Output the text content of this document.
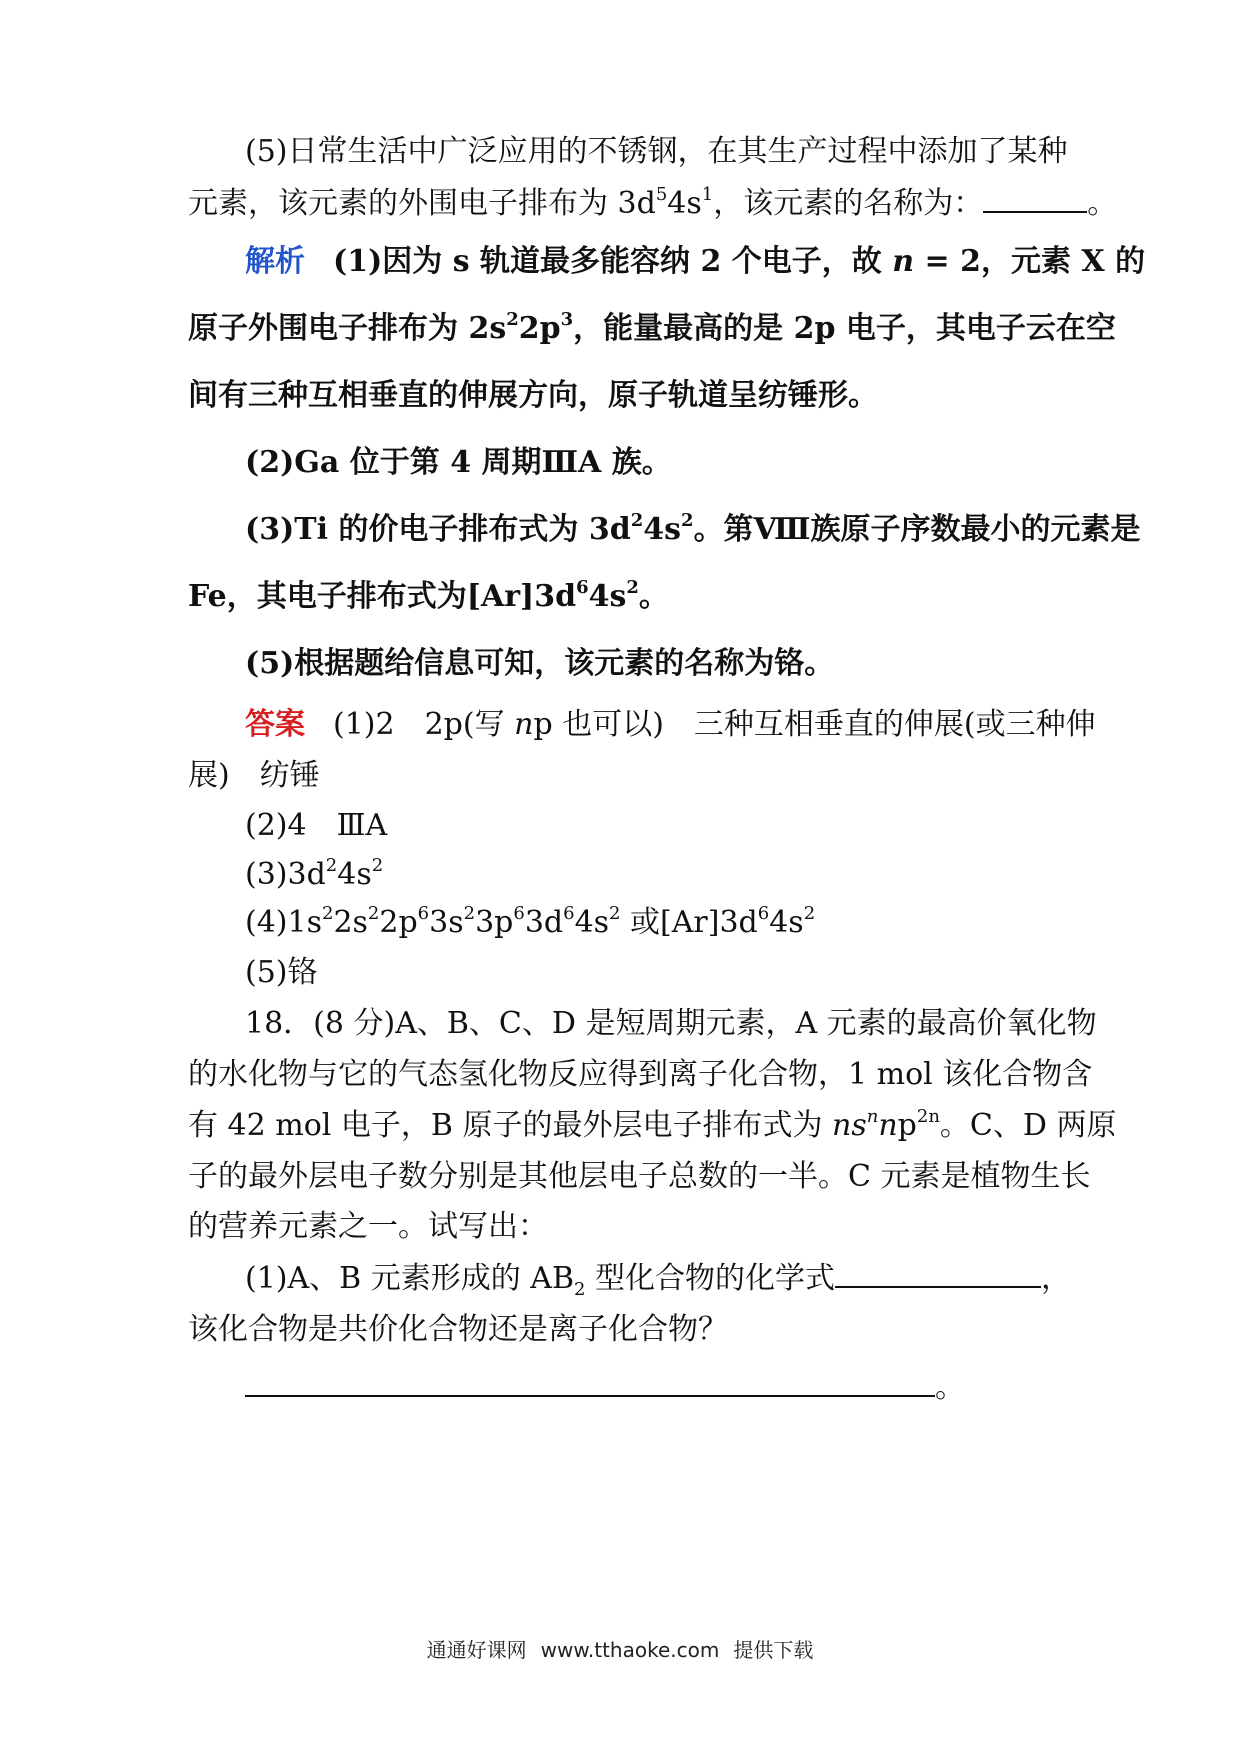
(5)日常生活中广泛应用的不锈钢，在其生产过程中添加了某种
元素，该元素的外围电子排布为 $3d^54s^1$，该元素的名称为：	。
解析 (1)因为 s 轨道最多能容纳 2 个电子，故 n = 2，元素 X 的
原子外围电子排布为 $2s^22p^3$，能量最高的是 2p 电子，其电子云在空
间有三种互相垂直的伸展方向，原子轨道呈纺锤形。
(2)Ga 位于第 4 周期ⅢA 族。
(3)Ti 的价电子排布式为 $3d^24s^2$。第Ⅷ族原子序数最小的元素是
Fe，其电子排布式为$[Ar]3d^64s^2$。
(5)根据题给信息可知，该元素的名称为铬。
答案 (1)2　2p(写 np 也可以)　三种互相垂直的伸展(或三种伸
展)　纺锤
(2)4　ⅢA
$(3)3d^24s^2$
$(4)1s^22s^22p^63s^23p^63d^64s^2$ 或$[Ar]3d^64s^2$
(5)铬
18．(8 分)A、B、C、D 是短周期元素，A 元素的最高价氧化物
的水化物与它的气态氢化物反应得到离子化合物，1 mol 该化合物含
有 42 mol 电子，B 原子的最外层电子排布式为 $ns^nnp^{2n}$。C、D 两原
子的最外层电子数分别是其他层电子总数的一半。C 元素是植物生长
的营养元素之一。试写出：
(1)A、B 元素形成的 $AB_2$ 型化合物的化学式	，
该化合物是共价化合物还是离子化合物？
。
通通好课网 www.tthaoke.com 提供下载
